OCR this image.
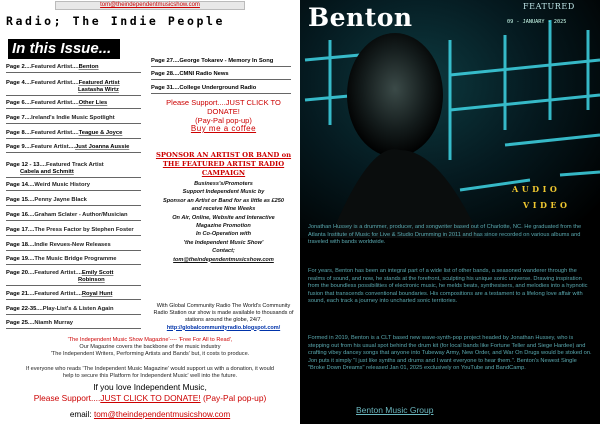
tom@theindependentmusicshow.com
Radio; The Indie People
In this Issue...
Page 2....Featured Artist....Benton
Page 4....Featured Artist....Featured Artist
Lastasha Wirtz
Page 6....Featured Artist....Other Lies
Page 7....Ireland's Indie Music Spotlight
Page 8....Featured Artist....Teague & Joyce
Page 9....Feature Artist....Just Joanna Aussie
Page 12 - 13....Featured Track Artist
Cabela and Schmitt
Page 14....Weird Music History
Page 15....Penny Jayne Black
Page 16....Graham Sclater - Author/Musician
Page 17....The Press Factor by Stephen Foster
Page 18....Indie Revues-New Releases
Page 19....The Music Bridge Programme
Page 20....Featured Artist....Emily Scott
Robinson
Page 21....Featured Artist....Royal Hunt
Page 22-35....Play-List's & Listen Again
Page 25....Niamh Murray
Page 27....George Tokarev - Memory In Song
Page 28....CMNI Radio News
Page 31....College Underground Radio
Please Support....JUST CLICK TO DONATE!
(Pay-Pal pop-up)
Buy me a coffee
SPONSOR AN ARTIST OR BAND on
THE FEATURED ARTIST RADIO
CAMPAIGN
Business's/Promoters
Support Independent Music by
Sponsor an Artist or Band for as little as £250
and receive Nine Weeks
On Air, Online, Website and Interactive
Magazine Promotion
In Co-Operation with
'the Independent Music Show'
Contact;
tom@theindependentmusicshow.com
With Global Community Radio The World's Community Radio Station our show is made available to thousands of stations around the globe, 24/7.
http://globalcommunityradio.blogspot.com/
'The Independent Music Show Magazine'---- 'Free For All to Read',
Our Magazine covers the backbone of the music industry
'The Independent Writers, Performing Artists and Bands' but, it costs to produce.

If everyone who reads 'The Independent Music Magazine' would support us with a donation, it would
help to secure this Platform for Independent Music' well into the future.
If you love Independent Music,
Please Support....JUST CLICK TO DONATE! (Pay-Pal pop-up)
email: tom@theindependentmusicshow.com
Benton	FEATURED
09 - JANUARY - 2025
AUDIO
VIDEO

Jonathan Hussey is a drummer, producer, and songwriter based out of Charlotte, NC. He graduated from the Atlanta Institute of Music for Live & Studio Drumming in 2011 and has since recorded on various albums and traveled with bands worldwide.

For years, Benton has been an integral part of a wide list of other bands, a seasoned wanderer through the realms of sound, and now, he stands at the forefront, sculpting his unique sonic universe. Drawing inspiration from the boundless possibilities of electronic music, he melds beats, synthesisers, and melodies into a hypnotic fusion that transcends conventional boundaries. His compositions are a testament to a lifelong love affair with sound, each track a journey into uncharted sonic territories.

Formed in 2019, Benton is a CLT based new wave-synth-pop project headed by Jonathan Hussey, who is stepping out from his usual spot behind the drum kit (for local bands like Fortune Teller and Siege Hardee) and crafting vibey dancey songs that anyone into Tubeway Army, New Order, and War On Drugs would be stoked on. Jon puts it simply "I just like synths and drums and I want everyone to hear them.". Benton's Newest Single "Broke Down Dreams" released Jan 01, 2025 exclusively on YouTube and BandCamp.

Benton Music Group
